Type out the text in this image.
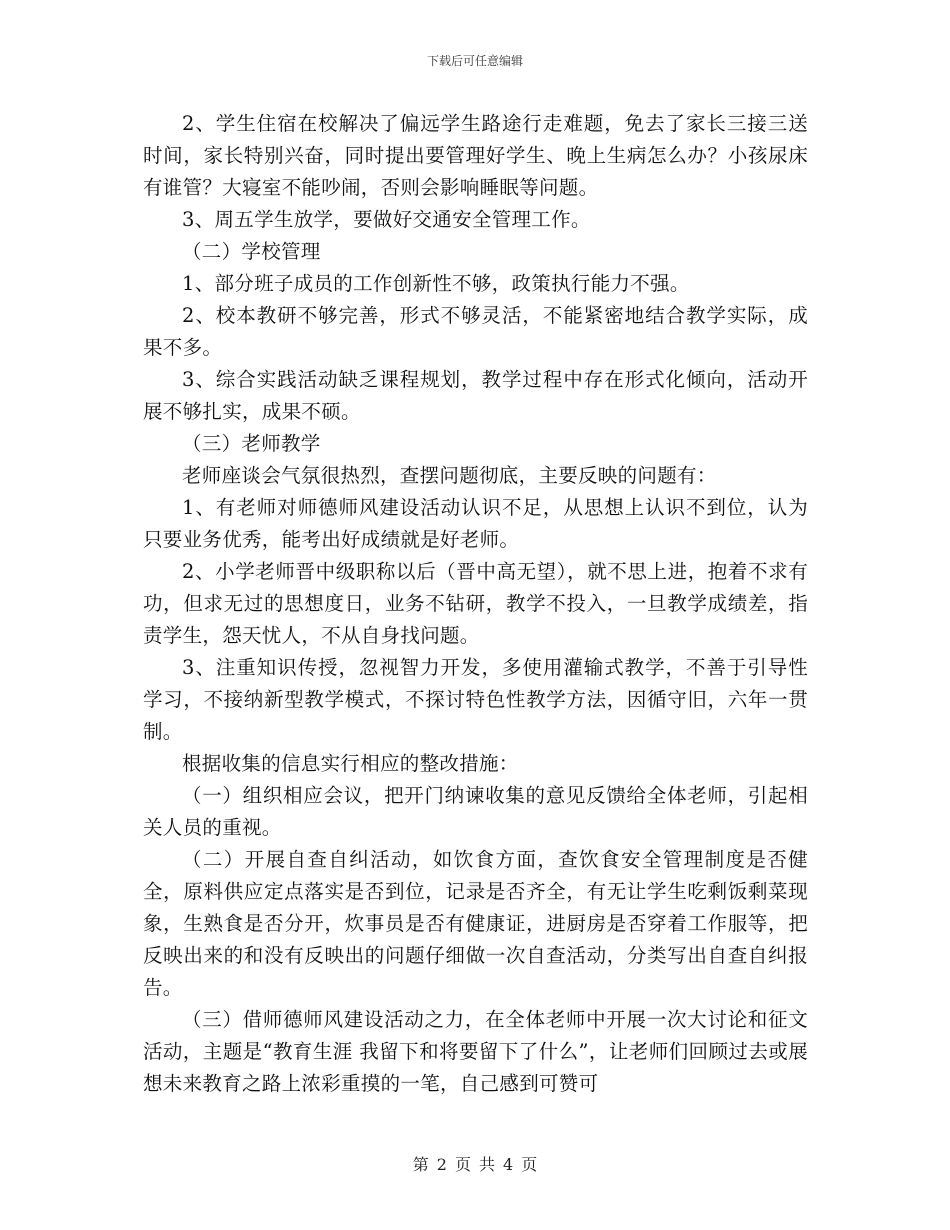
下载后可任意编辑

2、学生住宿在校解决了偏远学生路途行走难题，免去了家长三接三送时间，家长特别兴奋，同时提出要管理好学生、晚上生病怎么办？小孩尿床有谁管？大寝室不能吵闹，否则会影响睡眠等问题。

3、周五学生放学，要做好交通安全管理工作。

（二）学校管理

1、部分班子成员的工作创新性不够，政策执行能力不强。

2、校本教研不够完善，形式不够灵活，不能紧密地结合教学实际，成果不多。

3、综合实践活动缺乏课程规划，教学过程中存在形式化倾向，活动开展不够扎实，成果不硕。

（三）老师教学

老师座谈会气氛很热烈，查摆问题彻底，主要反映的问题有：

1、有老师对师德师风建设活动认识不足，从思想上认识不到位，认为只要业务优秀，能考出好成绩就是好老师。

2、小学老师晋中级职称以后（晋中高无望），就不思上进，抱着不求有功，但求无过的思想度日，业务不钻研，教学不投入，一旦教学成绩差，指责学生，怨天忧人，不从自身找问题。

3、注重知识传授，忽视智力开发，多使用灌输式教学，不善于引导性学习，不接纳新型教学模式，不探讨特色性教学方法，因循守旧，六年一贯制。

根据收集的信息实行相应的整改措施：

（一）组织相应会议，把开门纳谏收集的意见反馈给全体老师，引起相关人员的重视。

（二）开展自查自纠活动，如饮食方面，查饮食安全管理制度是否健全，原料供应定点落实是否到位，记录是否齐全，有无让学生吃剩饭剩菜现象，生熟食是否分开，炊事员是否有健康证，进厨房是否穿着工作服等，把反映出来的和没有反映出的问题仔细做一次自查活动，分类写出自查自纠报告。

（三）借师德师风建设活动之力，在全体老师中开展一次大讨论和征文活动，主题是“教育生涯 我留下和将要留下了什么”，让老师们回顾过去或展想未来教育之路上浓彩重摸的一笔，自己感到可赞可

第 2 页 共 4 页
